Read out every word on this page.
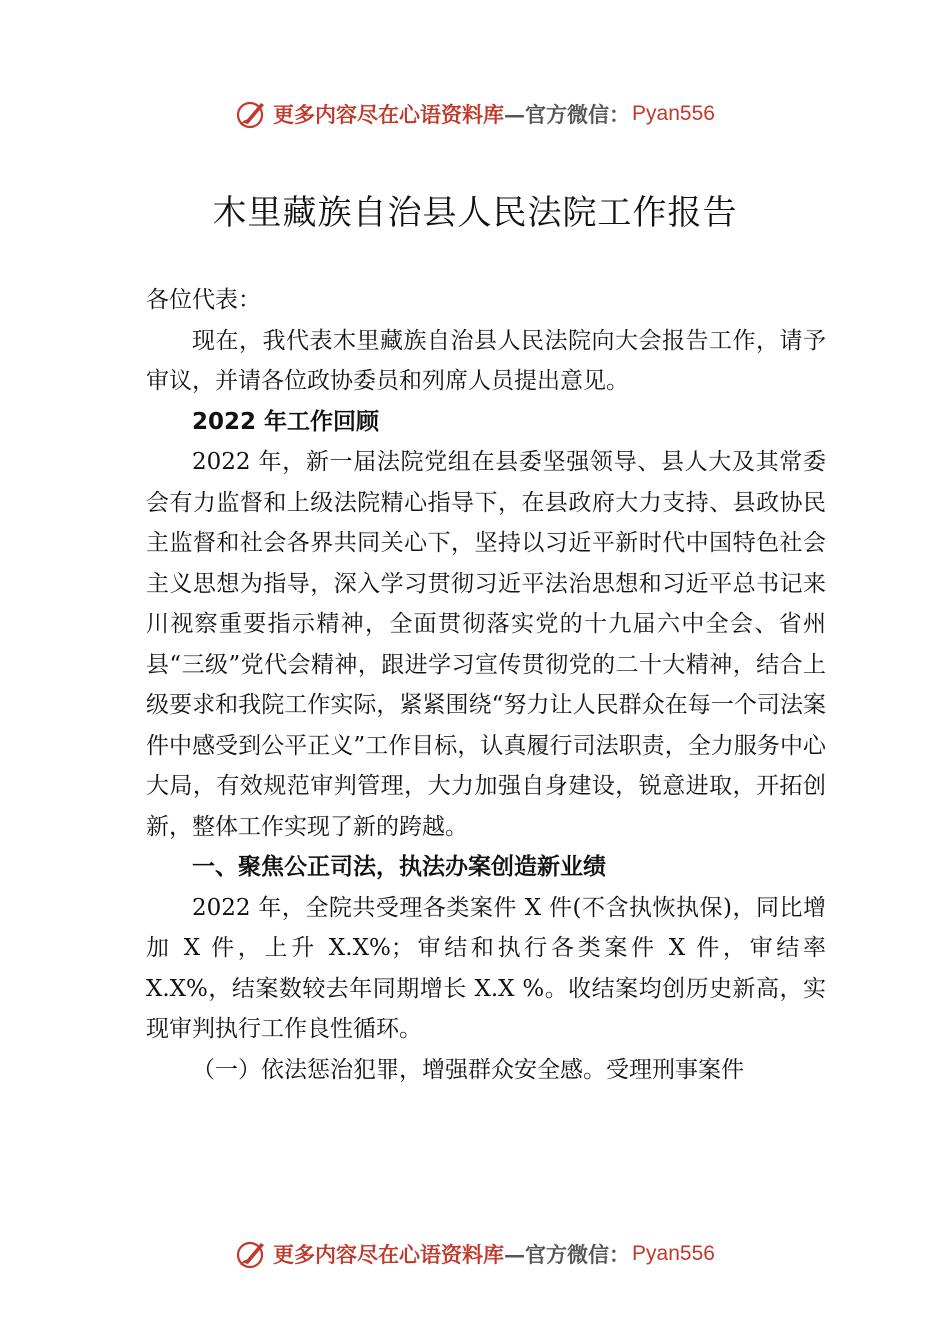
更多内容尽在心语资料库 —官方微信： Pyan556
木里藏族自治县人民法院工作报告

各位代表：

现在，我代表木里藏族自治县人民法院向大会报告工作，请予审议，并请各位政协委员和列席人员提出意见。

2022 年工作回顾

2022 年，新一届法院党组在县委坚强领导、县人大及其常委会有力监督和上级法院精心指导下，在县政府大力支持、县政协民主监督和社会各界共同关心下，坚持以习近平新时代中国特色社会主义思想为指导，深入学习贯彻习近平法治思想和习近平总书记来川视察重要指示精神，全面贯彻落实党的十九届六中全会、省州县“三级”党代会精神，跟进学习宣传贯彻党的二十大精神，结合上级要求和我院工作实际，紧紧围绕“努力让人民群众在每一个司法案件中感受到公平正义”工作目标，认真履行司法职责，全力服务中心大局，有效规范审判管理，大力加强自身建设，锐意进取，开拓创新，整体工作实现了新的跨越。

一、聚焦公正司法，执法办案创造新业绩

2022 年，全院共受理各类案件 X 件(不含执恢执保)，同比增加 X 件，上升 X.X%；审结和执行各类案件 X 件，审结率 X.X%，结案数较去年同期增长 X.X %。收结案均创历史新高，实现审判执行工作良性循环。

（一）依法惩治犯罪，增强群众安全感。受理刑事案件

更多内容尽在心语资料库 —官方微信： Pyan556
